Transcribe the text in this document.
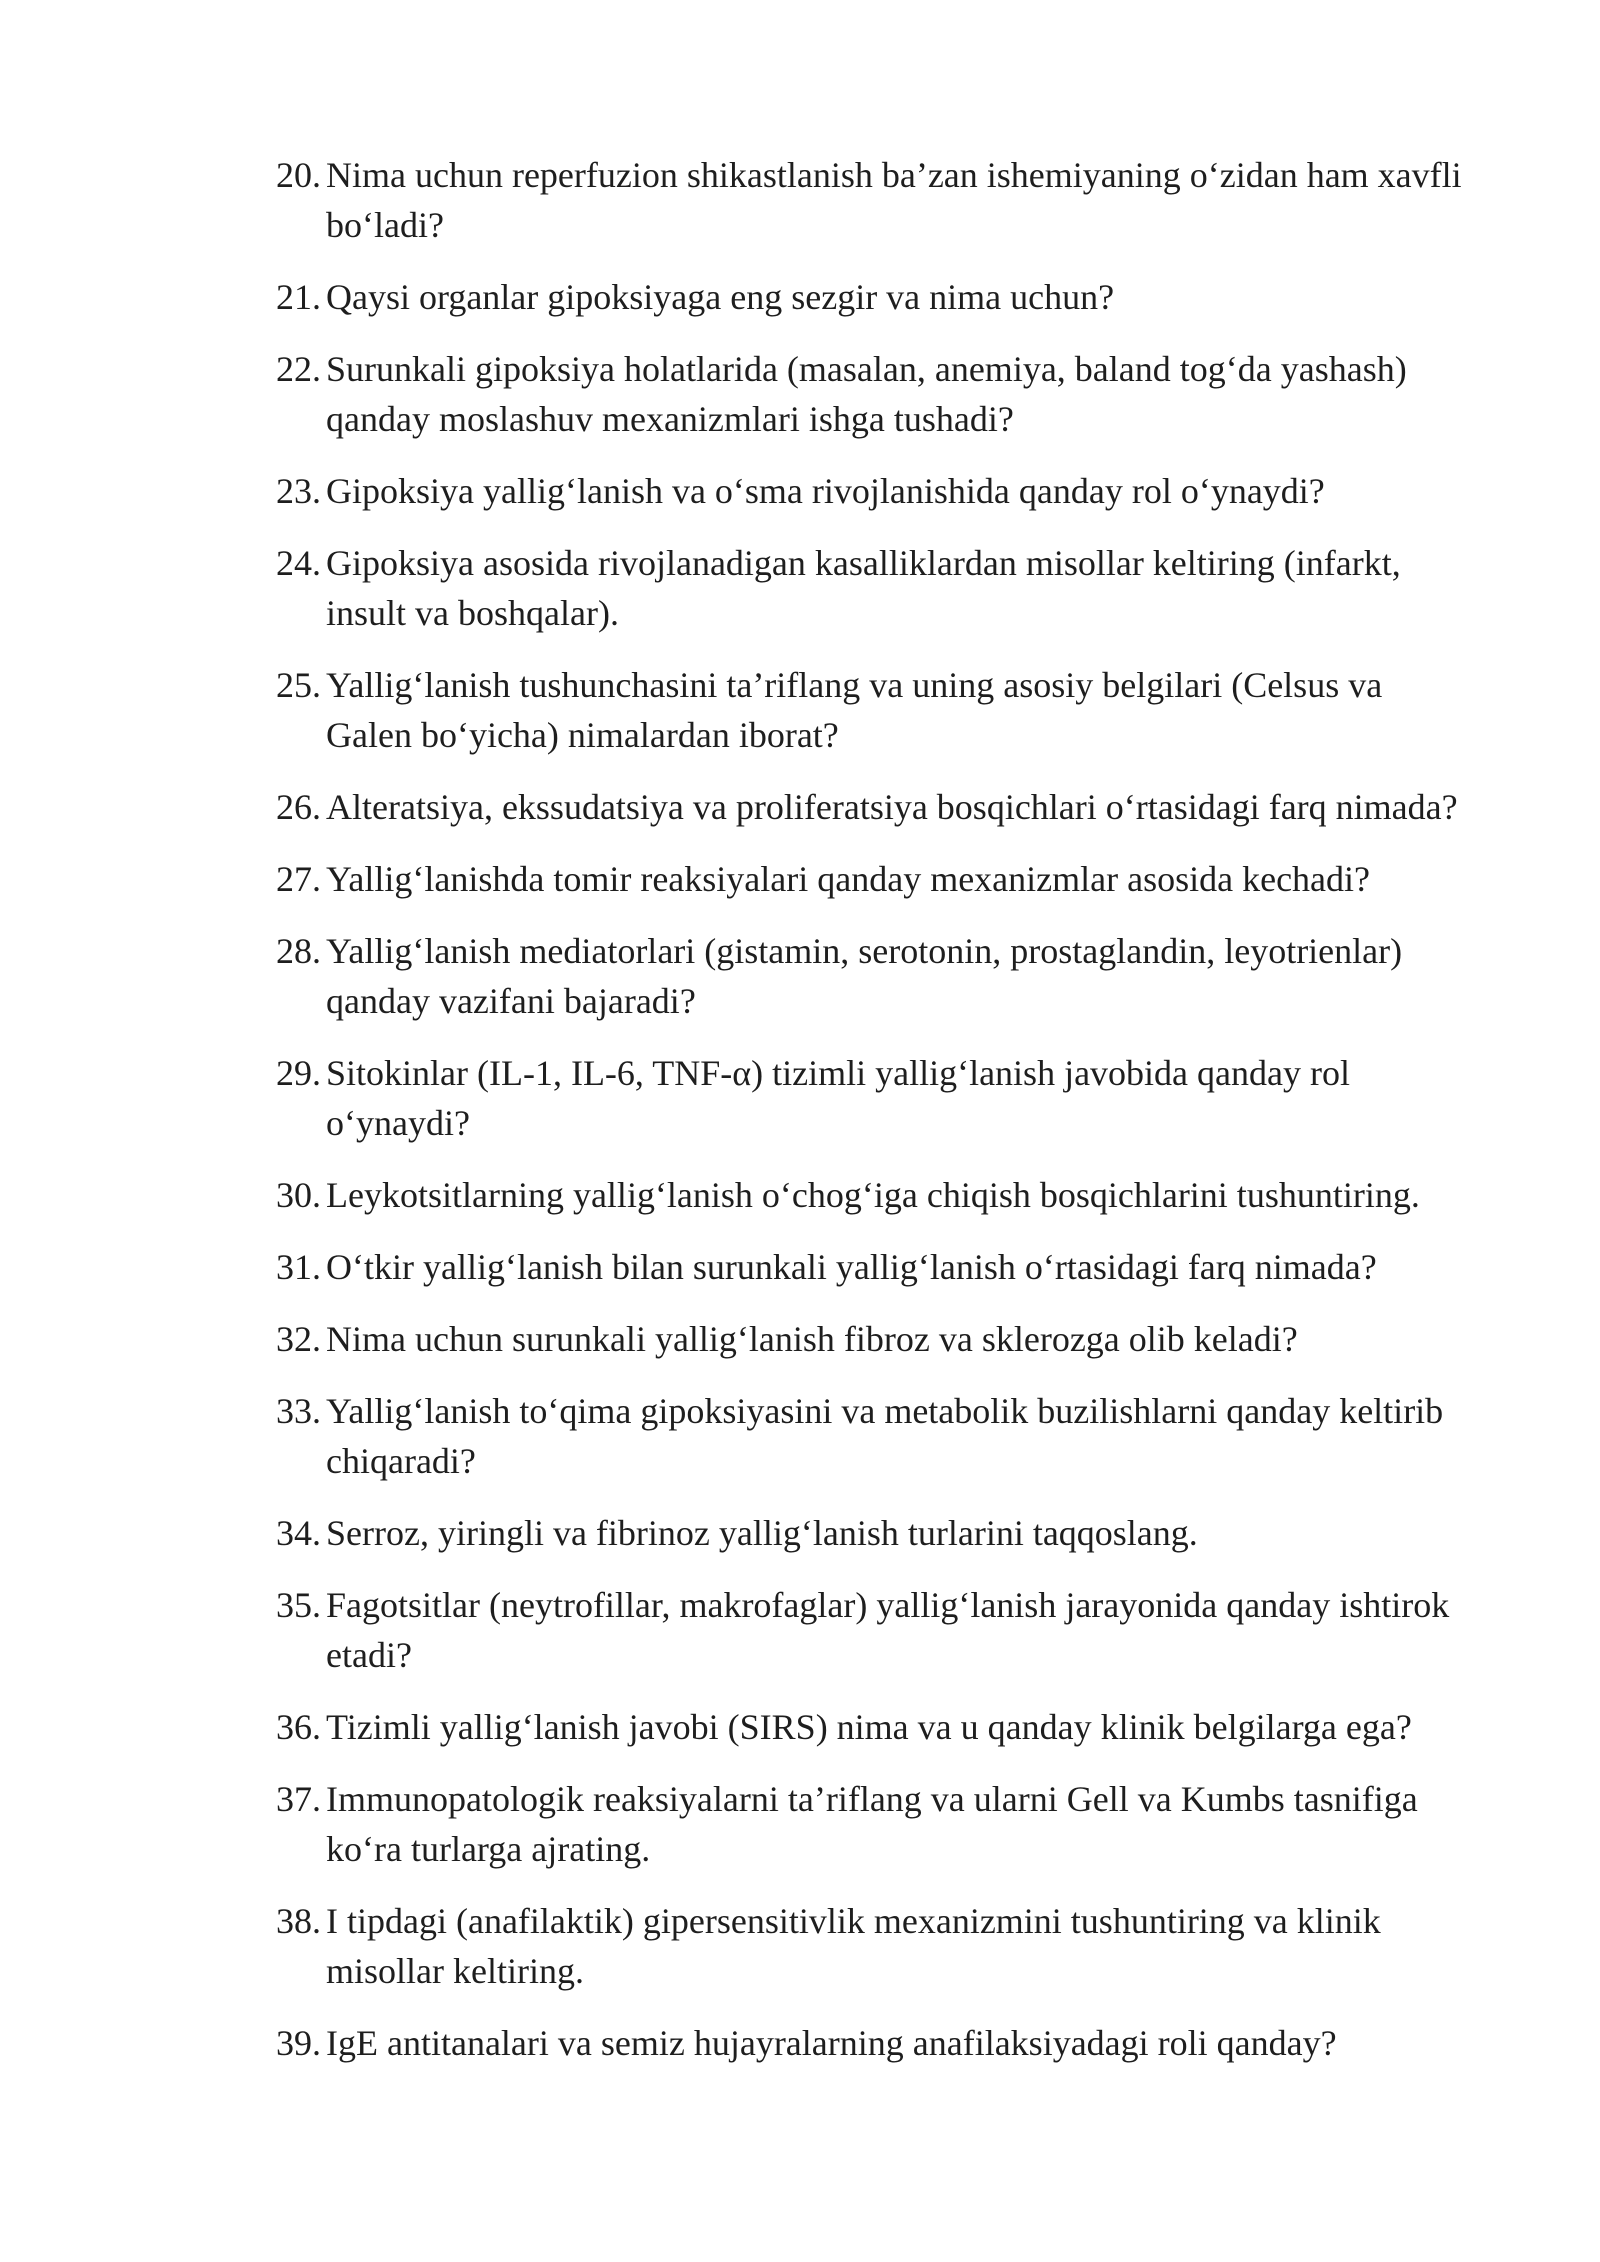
20. Nima uchun reperfuzion shikastlanish ba’zan ishemiyaning o‘zidan ham xavfli bo‘ladi?
21. Qaysi organlar gipoksiyaga eng sezgir va nima uchun?
22. Surunkali gipoksiya holatlarida (masalan, anemiya, baland tog‘da yashash) qanday moslashuv mexanizmlari ishga tushadi?
23. Gipoksiya yallig‘lanish va o‘sma rivojlanishida qanday rol o‘ynaydi?
24. Gipoksiya asosida rivojlanadigan kasalliklardan misollar keltiring (infarkt, insult va boshqalar).
25. Yallig‘lanish tushunchasini ta’riflang va uning asosiy belgilari (Celsus va Galen bo‘yicha) nimalardan iborat?
26. Alteratsiya, ekssudatsiya va proliferatsiya bosqichlari o‘rtasidagi farq nimada?
27. Yallig‘lanishda tomir reaksiyalari qanday mexanizmlar asosida kechadi?
28. Yallig‘lanish mediatorlari (gistamin, serotonin, prostaglandin, leyotrienlar) qanday vazifani bajaradi?
29. Sitokinlar (IL-1, IL-6, TNF-α) tizimli yallig‘lanish javobida qanday rol o‘ynaydi?
30. Leykotsitlarning yallig‘lanish o‘chog‘iga chiqish bosqichlarini tushuntiring.
31. O‘tkir yallig‘lanish bilan surunkali yallig‘lanish o‘rtasidagi farq nimada?
32. Nima uchun surunkali yallig‘lanish fibroz va sklerozga olib keladi?
33. Yallig‘lanish to‘qima gipoksiyasini va metabolik buzilishlarni qanday keltirib chiqaradi?
34. Serroz, yiringli va fibrinoz yallig‘lanish turlarini taqqoslang.
35. Fagotsitlar (neytrofillar, makrofaglar) yallig‘lanish jarayonida qanday ishtirok etadi?
36. Tizimli yallig‘lanish javobi (SIRS) nima va u qanday klinik belgilarga ega?
37. Immunopatologik reaksiyalarni ta’riflang va ularni Gell va Kumbs tasnifiga ko‘ra turlarga ajrating.
38. I tipdagi (anafilaktik) gipersensitivlik mexanizmini tushuntiring va klinik misollar keltiring.
39. IgE antitanalari va semiz hujayralarning anafilaksiyadagi roli qanday?
